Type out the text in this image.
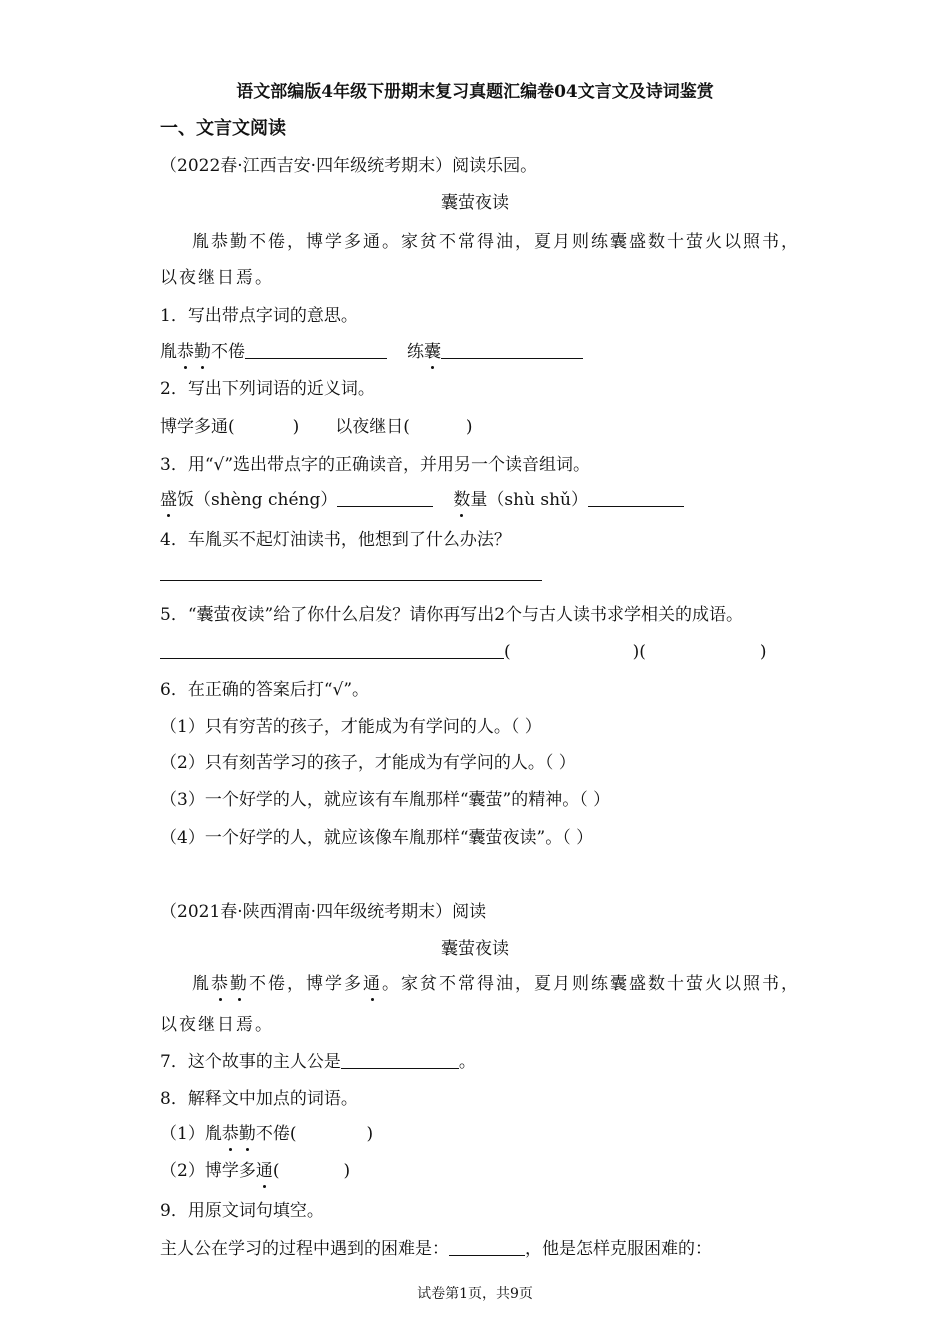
语文部编版4年级下册期末复习真题汇编卷04文言文及诗词鉴赏
一、文言文阅读
（2022春·江西吉安·四年级统考期末）阅读乐园。
囊萤夜读
胤恭勤不倦，博学多通。家贫不常得油，夏月则练囊盛数十萤火以照书，
以夜继日焉。
1．写出带点字词的意思。
胤恭勤不倦	练囊
2．写出下列词语的近义词。
博学多通(	) 以夜继日(	)
3．用“√”选出带点字的正确读音，并用另一个读音组词。
盛饭（shèng chéng）	数量（shù shǔ）
4．车胤买不起灯油读书，他想到了什么办法？
5．“囊萤夜读”给了你什么启发？请你再写出2个与古人读书求学相关的成语。
(	)(	)
6．在正确的答案后打“√”。
（1）只有穷苦的孩子，才能成为有学问的人。（ ）
（2）只有刻苦学习的孩子，才能成为有学问的人。（ ）
（3）一个好学的人，就应该有车胤那样“囊萤”的精神。（ ）
（4）一个好学的人，就应该像车胤那样“囊萤夜读”。（ ）
（2021春·陕西渭南·四年级统考期末）阅读
囊萤夜读
胤恭勤不倦，博学多通。家贫不常得油，夏月则练囊盛数十萤火以照书，
以夜继日焉。
7．这个故事的主人公是	。
8．解释文中加点的词语。
（1）胤恭勤不倦(	)
（2）博学多通(	)
9．用原文词句填空。
主人公在学习的过程中遇到的困难是：	，他是怎样克服困难的：
试卷第1页，共9页
